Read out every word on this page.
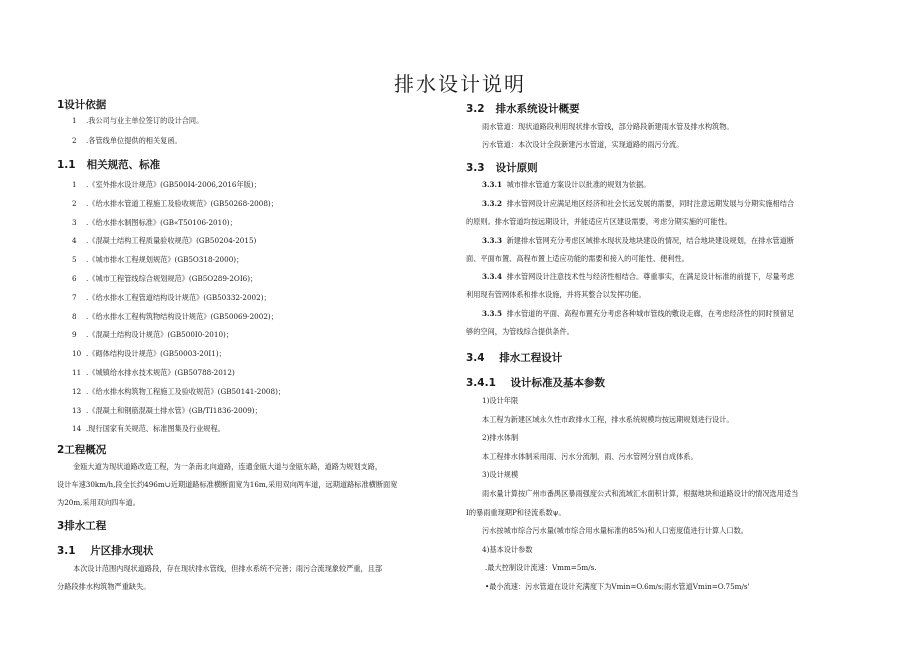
排水设计说明
1设计依据
1 .我公司与业主单位签订的设计合同。
2 .各管线单位提供的相关复函。
1.1   相关规范、标准
1 .《室外排水设计规范》(GB500I4-2006,2016年版)；
2 .《给水排水管道工程施工及验收规范》(GB50268-2008)；
3 .《给水排水制图标准》(GB«T50106-2010)；
4 .《混凝土结构工程质量验收规范》(GB50204-2015)
5 .《城市排水工程规划规范》(GB5O318-2000)；
6 .《城市工程管线综合规划规范》(GB5O289-2OI6)；
7 .《给水排水工程管道结构设计规范》(GB50332-2002)；
8 .《给水排水工程构筑物结构设计规范》(GB50069-2002)；
9 .《混凝土结构设计规范》(GB500I0-2010)；
10 .《砌体结构设计规范》(GB50003-20I1)；
11 .《城镇给水排水技术规范》(GB50788-2012)
12 .《给水排水构筑物工程施工及验收规范》(GB50141-2008)；
13 .《混凝土和钢筋混凝土排水管》(GB/TI1836-2009)；
14 .现行国家有关规范、标准图集及行业规程。
2工程概况
金瓯大道为现状道路改造工程，为一条南北向道路，连通金瓯大道与金瓯东路，道路为规划支路，
设计车速30km∕h,段全长约496m∪近期道路标准横断面宽为16m,采用双向两车道，远期道路标准横断面宽
为20m,采用双向四车道。
3排水工程
3.1    片区排水现状
本次设计范围内现状道路段，存在现状排水管线，但排水系统不完善；雨污合流现象较严重，且部
分路段排水构筑物严重缺失。
3.2   排水系统设计概要
雨水管道：现状道路段利用现状排水管线，部分路段新建雨水管及排水构筑物。
污水管道：本次设计全段新建污水管道，实现道路的雨污分流。
3.3   设计原则
3.3.1 城市排水管道方案设计以批准的规划为依据。
3.3.2 排水管网设计应满足地区经济和社会长远发展的需要，同时注意远期发展与分期实施相结合
的原则。排水管道均按远期设计，并能适应片区建设需要，考虑分期实施的可能性。
3.3.3 新建排水管网充分考虑区域排水现状及地块建设的情况，结合地块建设规划，在排水管道断
面、平面布置、高程布置上适应功能的需要和接入的可能性、便利性。
3.3.4 排水管网设计注意技术性与经济性相结合。尊重事实，在满足设计标准的前提下，尽量考虑
利用现有管网体系和排水设施，并将其整合以发挥功能。
3.3.5 排水管道的平面、高程布置充分考虑各种城市管线的敷设走廊，在考虑经济性的同时预留足
够的空间，为管线综合提供条件。
3.4    排水工程设计
3.4.1    设计标准及基本参数
1)设计年限
本工程为新建区域永久性市政排水工程，排水系统规模均按远期规划进行设计。
2)排水体制
本工程排水体制采用雨、污水分流制，雨、污水管网分别自成体系。
3)设计规模
雨水量计算按广州市番禺区暴雨强度公式和流域汇水面积计算，根据地块和道路设计的情况选用适当
I的暴雨重现期P和径流系数ψ。
污水按城市综合污水量(城市综合用水量标准的85%)和人口密度值进行计算人口数。
4)基本设计参数
.最大控制设计流速：Vmm=5m∕s.
•最小流速：污水管道在设计充满度下为Vmin=O.6m∕s;雨水管道Vmin=O.75m∕s'
